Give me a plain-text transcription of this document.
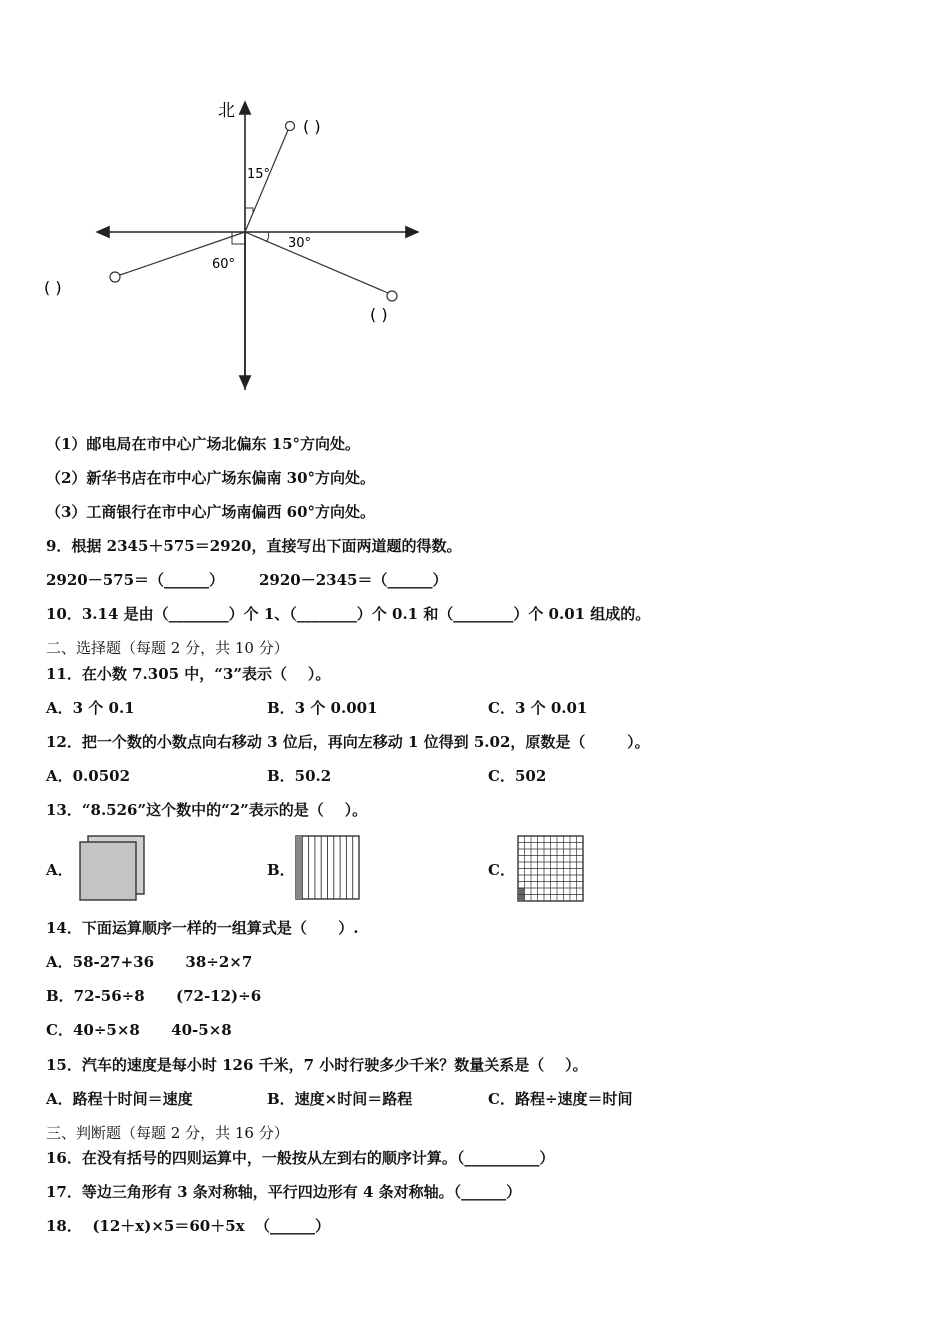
北
15°
30°
60°
( )
( )
( )
（1）邮电局在市中心广场北偏东 15°方向处。
（2）新华书店在市中心广场东偏南 30°方向处。
（3）工商银行在市中心广场南偏西 60°方向处。
9．根据 2345＋575＝2920，直接写出下面两道题的得数。
2920－575＝（______） 2920－2345＝（______）
10．3.14 是由（________）个 1、（________）个 0.1 和（________）个 0.01 组成的。
二、选择题（每题 2 分，共 10 分）
11．在小数 7.305 中，“3”表示（    ）。
A．3 个 0.1	B．3 个 0.001	C．3 个 0.01
12．把一个数的小数点向右移动 3 位后，再向左移动 1 位得到 5.02，原数是（        ）。
A．0.0502	B．50.2	C．502
13．“8.526”这个数中的“2”表示的是（    ）。
A．	B．	C．
14．下面运算顺序一样的一组算式是（      ）.
A．58-27+36      38÷2×7
B．72-56÷8      (72-12)÷6
C．40÷5×8      40-5×8
15．汽车的速度是每小时 126 千米，7 小时行驶多少千米？数量关系是（    ）。
A．路程十时间＝速度	B．速度×时间＝路程	C．路程÷速度＝时间
三、判断题（每题 2 分，共 16 分）
16．在没有括号的四则运算中，一般按从左到右的顺序计算。（__________）
17．等边三角形有 3 条对称轴，平行四边形有 4 条对称轴。（______）
18．  (12＋x)×5＝60＋5x  （______）
